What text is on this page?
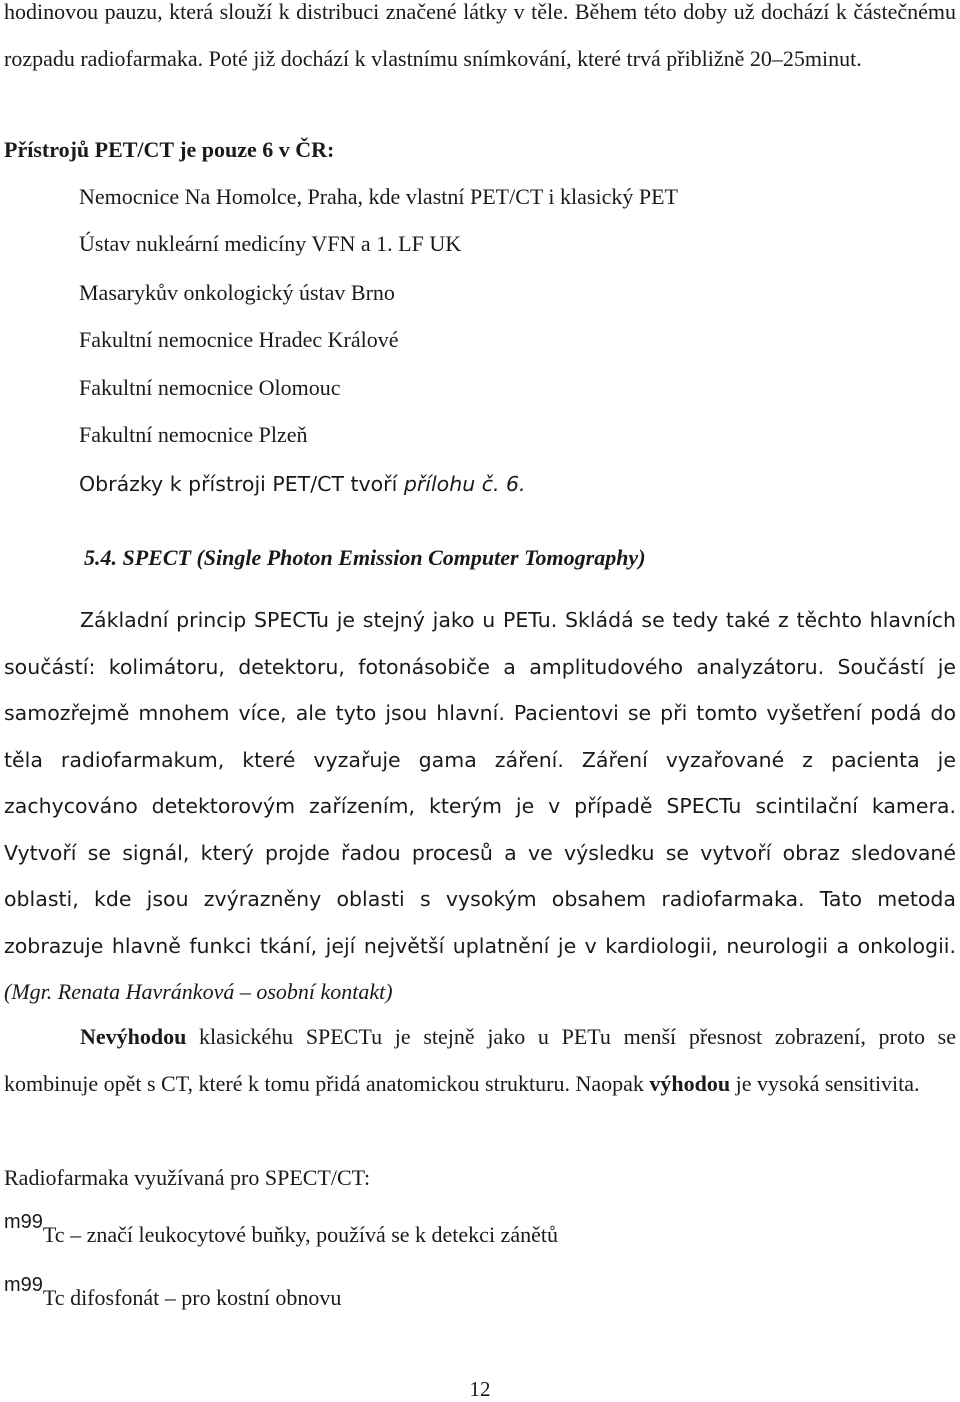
hodinovou pauzu, která slouží k distribuci značené látky v těle. Během této doby už dochází k částečnému rozpadu radiofarmaka. Poté již dochází k vlastnímu snímkování, které trvá přibližně 20–25minut.

Přístrojů PET/CT je pouze 6 v ČR:

Nemocnice Na Homolce, Praha, kde vlastní PET/CT i klasický PET

Ústav nukleární medicíny VFN a 1. LF UK

Masarykův onkologický ústav Brno

Fakultní nemocnice Hradec Králové

Fakultní nemocnice Olomouc

Fakultní nemocnice Plzeň

Obrázky k přístroji PET/CT tvoří přílohu č. 6.

5.4. SPECT (Single Photon Emission Computer Tomography)

Základní princip SPECTu je stejný jako u PETu. Skládá se tedy také z těchto hlavních součástí: kolimátoru, detektoru, fotonásobiče a amplitudového analyzátoru. Součástí je samozřejmě mnohem více, ale tyto jsou hlavní. Pacientovi se při tomto vyšetření podá do těla radiofarmakum, které vyzařuje gama záření. Záření vyzařované z pacienta je zachycováno detektorovým zařízením, kterým je v případě SPECTu scintilační kamera. Vytvoří se signál, který projde řadou procesů a ve výsledku se vytvoří obraz sledované oblasti, kde jsou zvýrazněny oblasti s vysokým obsahem radiofarmaka. Tato metoda zobrazuje hlavně funkci tkání, její největší uplatnění je v kardiologii, neurologii a onkologii. (Mgr. Renata Havránková – osobní kontakt)

Nevýhodou klasickéhu SPECTu je stejně jako u PETu menší přesnost zobrazení, proto se kombinuje opět s CT, které k tomu přidá anatomickou strukturu. Naopak výhodou je vysoká sensitivita.

Radiofarmaka využívaná pro SPECT/CT:

m99Tc – značí leukocytové buňky, používá se k detekci zánětů

m99Tc difosfonát – pro kostní obnovu

12
